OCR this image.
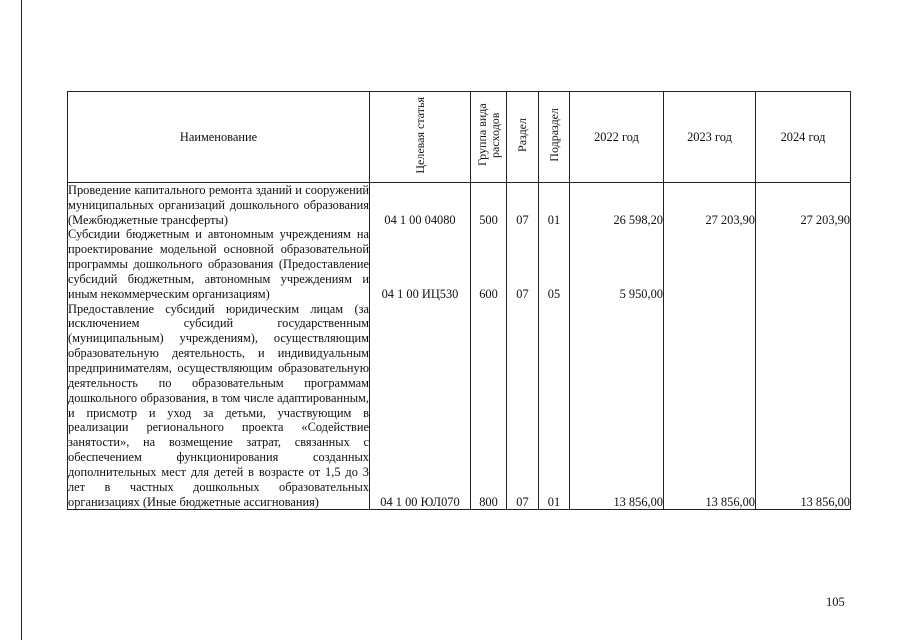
Наименование	Целевая статья	Группа вида расходов	Раздел	Подраздел	2022 год	2023 год	2024 год
Проведение капитального ремонта зданий и сооружений муниципальных организаций дошкольного образования (Межбюджетные трансферты)	04 1 00 04080	500	07	01	26 598,20	27 203,90	27 203,90
Субсидии бюджетным и автономным учреждениям на проектирование модельной основной образовательной программы дошкольного образования (Предоставление субсидий бюджетным, автономным учреждениям и иным некоммерческим организациям)	04 1 00 ИЦ530	600	07	05	5 950,00		
Предоставление субсидий юридическим лицам (за исключением субсидий государственным (муниципальным) учреждениям), осуществляющим образовательную деятельность, и индивидуальным предпринимателям, осуществляющим образовательную деятельность по образовательным программам дошкольного образования, в том числе адаптированным, и присмотр и уход за детьми, участвующим в реализации регионального проекта «Содействие занятости», на возмещение затрат, связанных с обеспечением функционирования созданных дополнительных мест для детей в возрасте от 1,5 до 3 лет в частных дошкольных образовательных организациях (Иные бюджетные ассигнования)	04 1 00 ЮЛ070	800	07	01	13 856,00	13 856,00	13 856,00
105
